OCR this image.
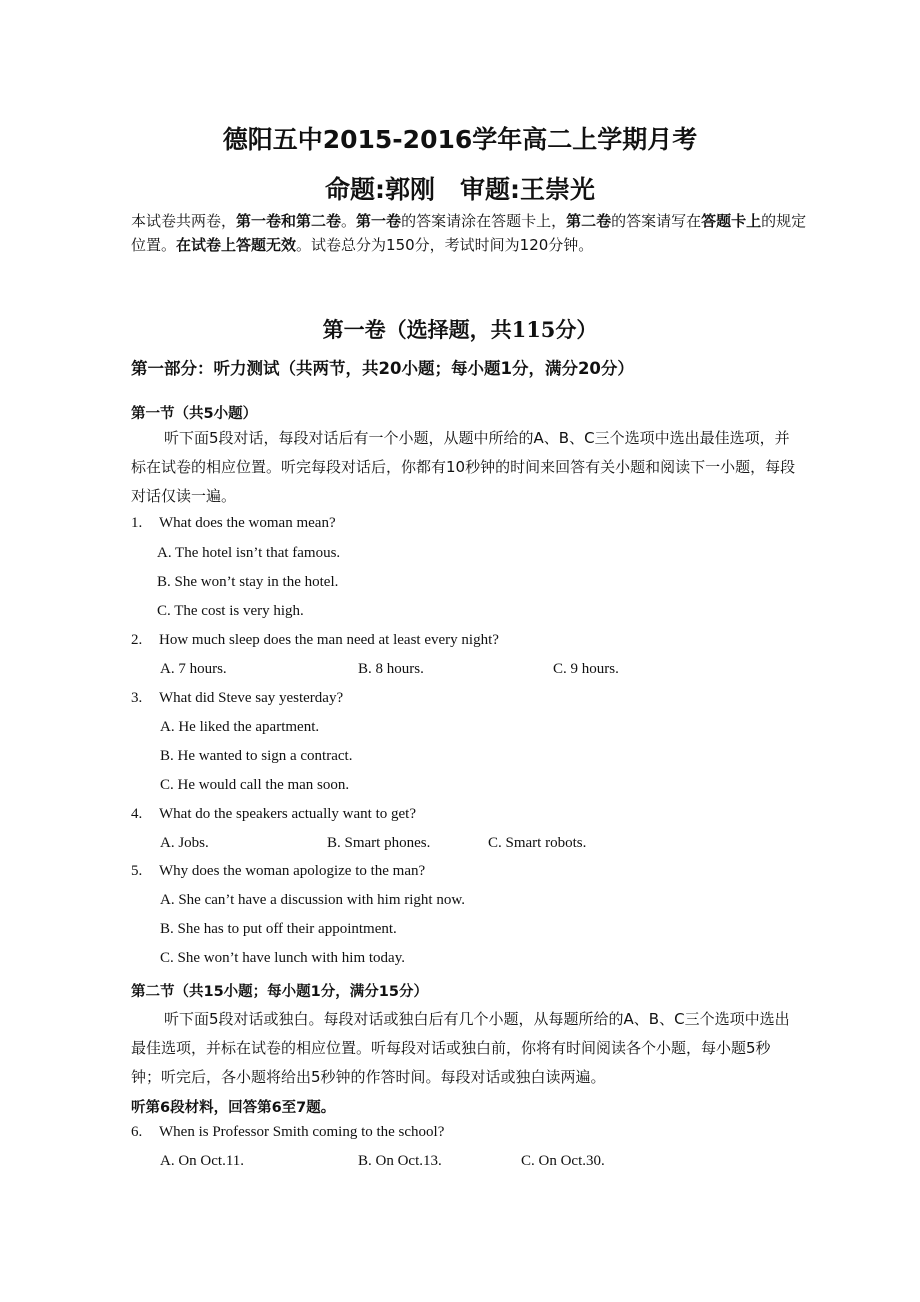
德阳五中2015-2016学年高二上学期月考
命题:郭刚　审题:王崇光
本试卷共两卷，第一卷和第二卷。第一卷的答案请涂在答题卡上，第二卷的答案请写在答题卡上的规定位置。在试卷上答题无效。试卷总分为150分，考试时间为120分钟。
第一卷（选择题，共115分）
第一部分：听力测试（共两节，共20小题；每小题1分，满分20分）
第一节（共5小题）
听下面5段对话，每段对话后有一个小题，从题中所给的A、B、C三个选项中选出最佳选项，并标在试卷的相应位置。听完每段对话后，你都有10秒钟的时间来回答有关小题和阅读下一小题，每段对话仅读一遍。
1. What does the woman mean?
A. The hotel isn’t that famous.
B. She won’t stay in the hotel.
C. The cost is very high.
2. How much sleep does the man need at least every night?
A. 7 hours.	B. 8 hours.	C. 9 hours.
3. What did Steve say yesterday?
A. He liked the apartment.
B. He wanted to sign a contract.
C. He would call the man soon.
4. What do the speakers actually want to get?
A. Jobs.	B. Smart phones.	C. Smart robots.
5. Why does the woman apologize to the man?
A. She can’t have a discussion with him right now.
B. She has to put off their appointment.
C. She won’t have lunch with him today.
第二节（共15小题；每小题1分，满分15分）
听下面5段对话或独白。每段对话或独白后有几个小题，从每题所给的A、B、C三个选项中选出最佳选项，并标在试卷的相应位置。听每段对话或独白前，你将有时间阅读各个小题，每小题5秒钟；听完后，各小题将给出5秒钟的作答时间。每段对话或独白读两遍。
听第6段材料，回答第6至7题。
6. When is Professor Smith coming to the school?
A. On Oct.11.	B. On Oct.13.	C. On Oct.30.
